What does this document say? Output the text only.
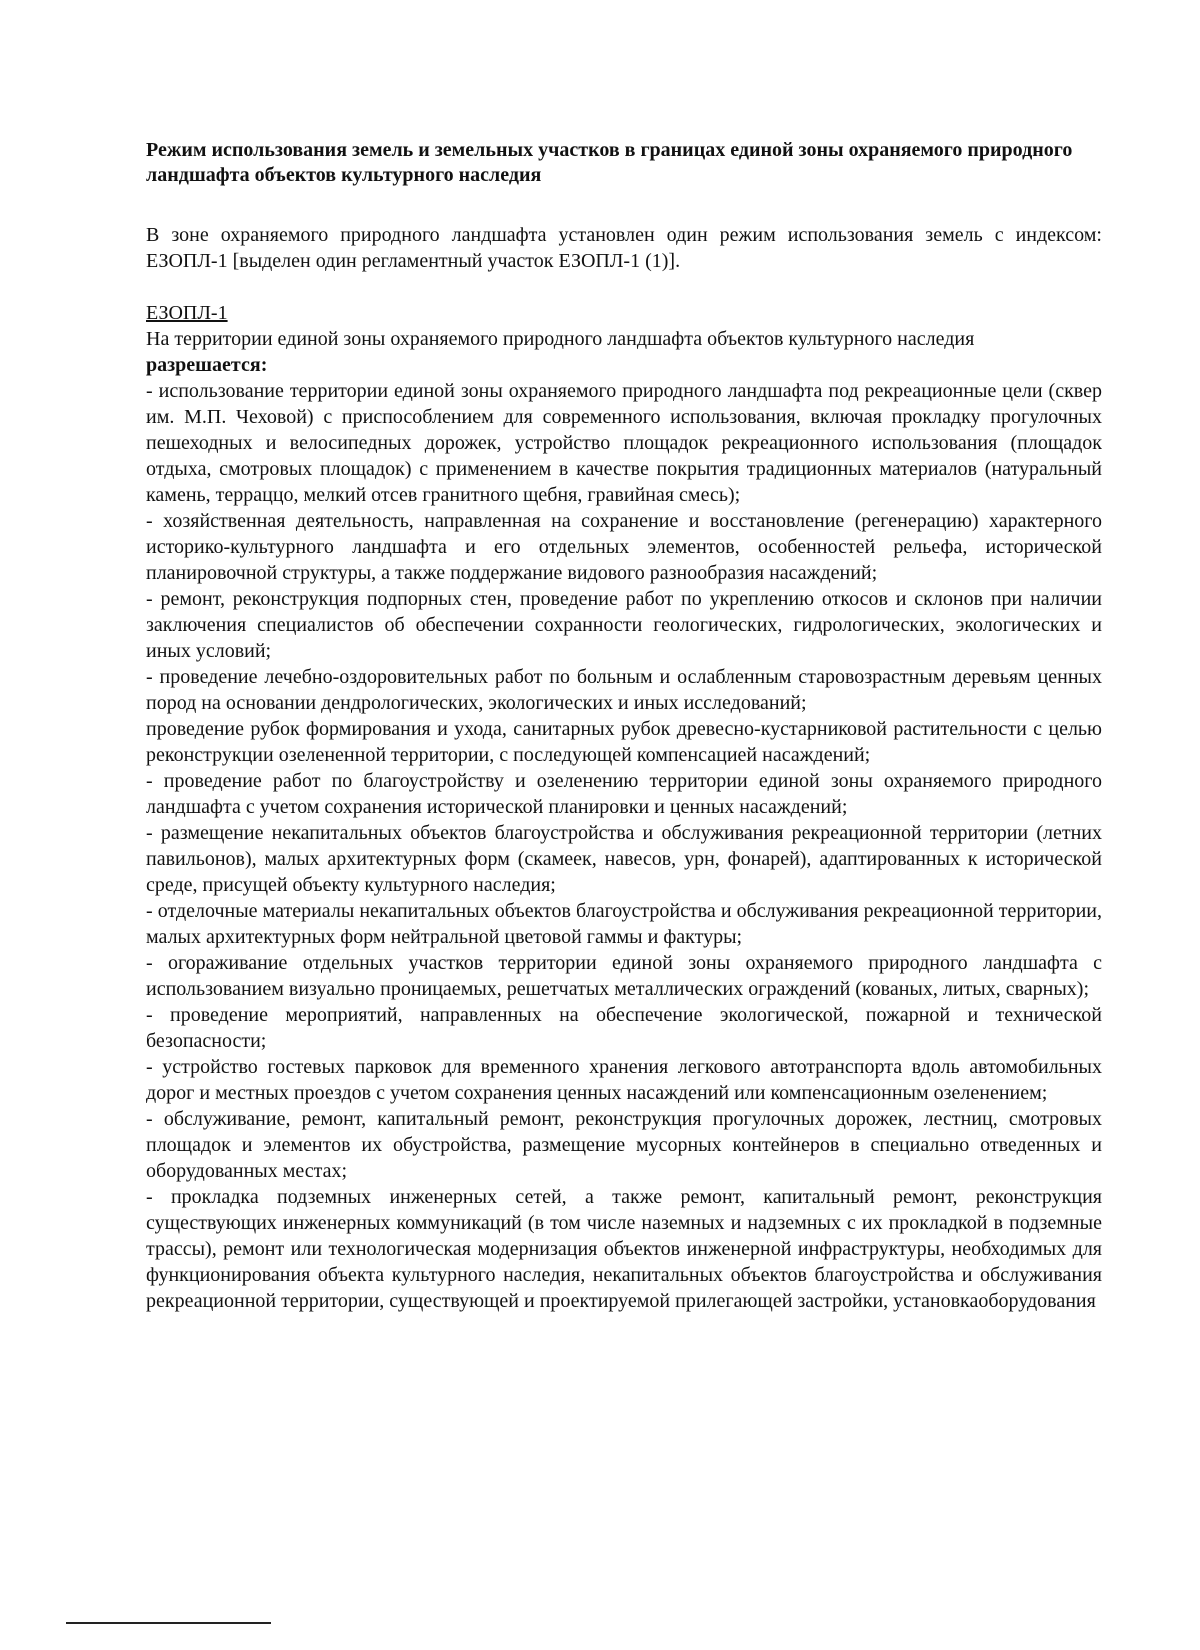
Режим использования земель и земельных участков в границах единой зоны охраняемого природного ландшафта объектов культурного наследия

В зоне охраняемого природного ландшафта установлен один режим использования земель с индексом: ЕЗОПЛ-1 [выделен один регламентный участок ЕЗОПЛ-1 (1)].

ЕЗОПЛ-1

На территории единой зоны охраняемого природного ландшафта объектов культурного наследия
разрешается:

- использование территории единой зоны охраняемого природного ландшафта под рекреационные цели (сквер им. М.П. Чеховой) с приспособлением для современного использования, включая прокладку прогулочных пешеходных и велосипедных дорожек, устройство площадок рекреационного использования (площадок отдыха, смотровых площадок) с применением в качестве покрытия традиционных материалов (натуральный камень, терраццо, мелкий отсев гранитного щебня, гравийная смесь);
- хозяйственная деятельность, направленная на сохранение и восстановление (регенерацию) характерного историко-культурного ландшафта и его отдельных элементов, особенностей рельефа, исторической планировочной структуры, а также поддержание видового разнообразия насаждений;
- ремонт, реконструкция подпорных стен, проведение работ по укреплению откосов и склонов при наличии заключения специалистов об обеспечении сохранности геологических, гидрологических, экологических и иных условий;
- проведение лечебно-оздоровительных работ по больным и ослабленным старовозрастным деревьям ценных пород на основании дендрологических, экологических и иных исследований;
проведение рубок формирования и ухода, санитарных рубок древесно-кустарниковой растительности с целью реконструкции озелененной территории, с последующей компенсацией насаждений;
- проведение работ по благоустройству и озеленению территории единой зоны охраняемого природного ландшафта с учетом сохранения исторической планировки и ценных насаждений;
- размещение некапитальных объектов благоустройства и обслуживания рекреационной территории (летних павильонов), малых архитектурных форм (скамеек, навесов, урн, фонарей), адаптированных к исторической среде, присущей объекту культурного наследия;
- отделочные материалы некапитальных объектов благоустройства и обслуживания рекреационной территории, малых архитектурных форм нейтральной цветовой гаммы и фактуры;
- огораживание отдельных участков территории единой зоны охраняемого природного ландшафта с использованием визуально проницаемых, решетчатых металлических ограждений (кованых, литых, сварных);
- проведение мероприятий, направленных на обеспечение экологической, пожарной и технической безопасности;
- устройство гостевых парковок для временного хранения легкового автотранспорта вдоль автомобильных дорог и местных проездов с учетом сохранения ценных насаждений или компенсационным озеленением;
- обслуживание, ремонт, капитальный ремонт, реконструкция прогулочных дорожек, лестниц, смотровых площадок и элементов их обустройства, размещение мусорных контейнеров в специально отведенных и оборудованных местах;
- прокладка подземных инженерных сетей, а также ремонт, капитальный ремонт, реконструкция существующих инженерных коммуникаций (в том числе наземных и надземных с их прокладкой в подземные трассы), ремонт или технологическая модернизация объектов инженерной инфраструктуры, необходимых для функционирования объекта культурного наследия, некапитальных объектов благоустройства и обслуживания рекреационной территории, существующей и проектируемой прилегающей застройки, установкаоборудования
